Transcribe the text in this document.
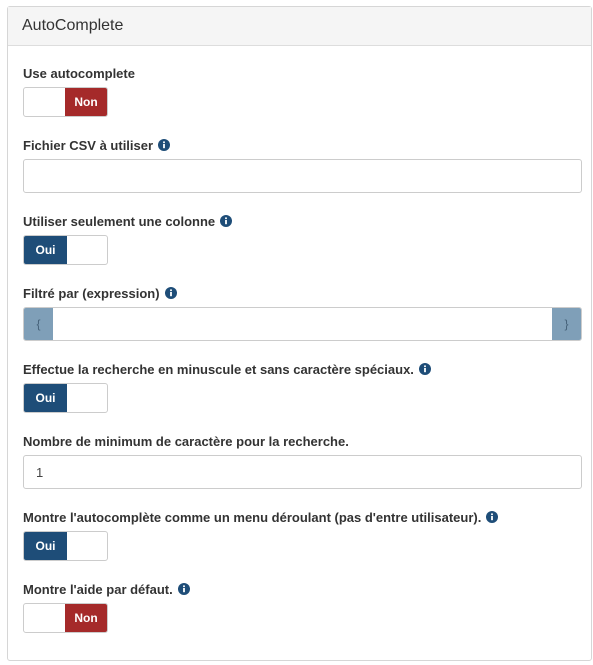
AutoComplete
Use autocomplete
Non
Fichier CSV à utiliser
Utiliser seulement une colonne
Oui
Filtré par (expression)
{	}
Effectue la recherche en minuscule et sans caractère spéciaux.
Oui
Nombre de minimum de caractère pour la recherche.
1
Montre l'autocomplète comme un menu déroulant (pas d'entre utilisateur).
Oui
Montre l'aide par défaut.
Non
